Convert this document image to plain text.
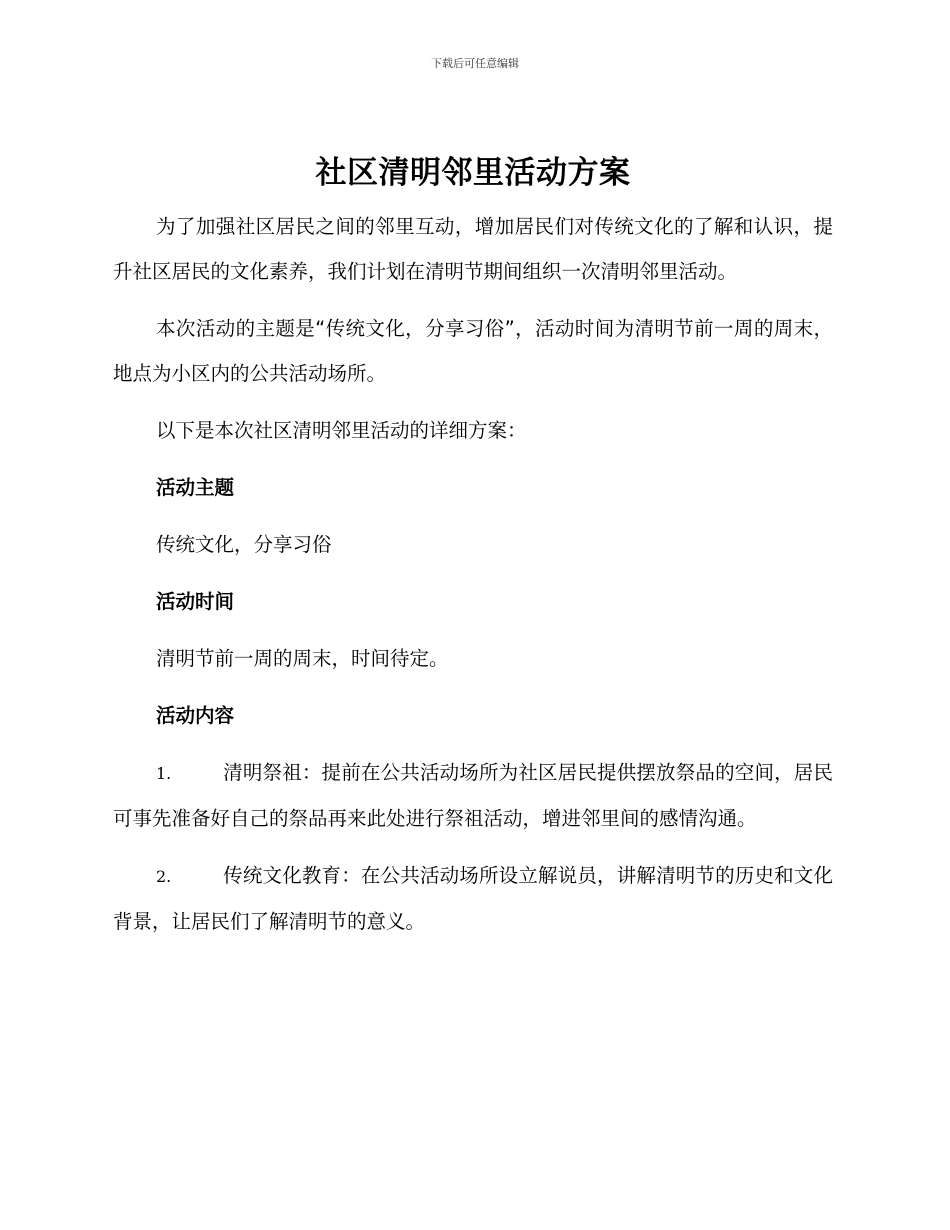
下载后可任意编辑
社区清明邻里活动方案

为了加强社区居民之间的邻里互动，增加居民们对传统文化的了解和认识，提升社区居民的文化素养，我们计划在清明节期间组织一次清明邻里活动。

本次活动的主题是“传统文化，分享习俗”，活动时间为清明节前一周的周末，地点为小区内的公共活动场所。

以下是本次社区清明邻里活动的详细方案：

活动主题
传统文化，分享习俗
活动时间
清明节前一周的周末，时间待定。
活动内容

1.	清明祭祖：提前在公共活动场所为社区居民提供摆放祭品的空间，居民可事先准备好自己的祭品再来此处进行祭祖活动，增进邻里间的感情沟通。

2.	传统文化教育：在公共活动场所设立解说员，讲解清明节的历史和文化背景，让居民们了解清明节的意义。
